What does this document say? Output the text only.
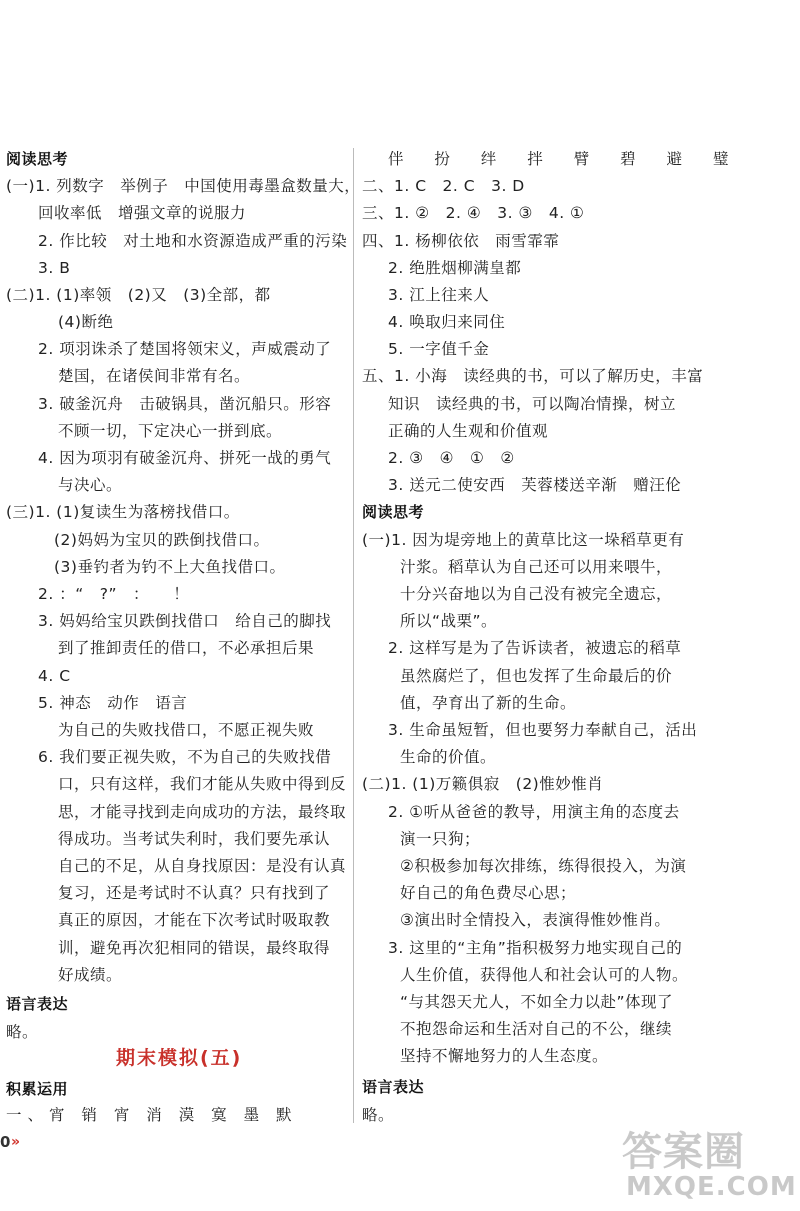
阅读思考
(一)1. 列数字　举例子　中国使用毒墨盒数量大，
回收率低　增强文章的说服力
2. 作比较　对土地和水资源造成严重的污染
3. B
(二)1. (1)率领　(2)又　(3)全部，都
(4)断绝
2. 项羽诛杀了楚国将领宋义，声威震动了
楚国，在诸侯间非常有名。
3. 破釜沉舟　击破锅具，凿沉船只。形容
不顾一切，下定决心一拼到底。
4. 因为项羽有破釜沉舟、拼死一战的勇气
与决心。
(三)1. (1)复读生为落榜找借口。
(2)妈妈为宝贝的跌倒找借口。
(3)垂钓者为钓不上大鱼找借口。
2. ：“　?”　：　　！
3. 妈妈给宝贝跌倒找借口　给自己的脚找
到了推卸责任的借口，不必承担后果
4. C
5. 神态　动作　语言
为自己的失败找借口，不愿正视失败
6. 我们要正视失败，不为自己的失败找借
口，只有这样，我们才能从失败中得到反
思，才能寻找到走向成功的方法，最终取
得成功。当考试失利时，我们要先承认
自己的不足，从自身找原因：是没有认真
复习，还是考试时不认真？只有找到了
真正的原因，才能在下次考试时吸取教
训，避免再次犯相同的错误，最终取得
好成绩。
语言表达
略。
期末模拟(五)
积累运用
一、宵 销 宵 消 漠 寞 墨 默
伴 扮 绊 拌 臂 碧 避 璧
二、1. C　2. C　3. D
三、1. ②　2. ④　3. ③　4. ①
四、1. 杨柳依依　雨雪霏霏
2. 绝胜烟柳满皇都
3. 江上往来人
4. 唤取归来同住
5. 一字值千金
五、1. 小海　读经典的书，可以了解历史，丰富
知识　读经典的书，可以陶冶情操，树立
正确的人生观和价值观
2. ③　④　①　②
3. 送元二使安西　芙蓉楼送辛渐　赠汪伦
阅读思考
(一)1. 因为堤旁地上的黄草比这一垛稻草更有
汁浆。稻草认为自己还可以用来喂牛，
十分兴奋地以为自己没有被完全遗忘，
所以“战栗”。
2. 这样写是为了告诉读者，被遗忘的稻草
虽然腐烂了，但也发挥了生命最后的价
值，孕育出了新的生命。
3. 生命虽短暂，但也要努力奉献自己，活出
生命的价值。
(二)1. (1)万籁俱寂　(2)惟妙惟肖
2. ①听从爸爸的教导，用演主角的态度去
演一只狗；
②积极参加每次排练，练得很投入，为演
好自己的角色费尽心思；
③演出时全情投入，表演得惟妙惟肖。
3. 这里的“主角”指积极努力地实现自己的
人生价值，获得他人和社会认可的人物。
“与其怨天尤人，不如全力以赴”体现了
不抱怨命运和生活对自己的不公，继续
坚持不懈地努力的人生态度。
语言表达
略。
0 »	答案圈
MXQE.COM
